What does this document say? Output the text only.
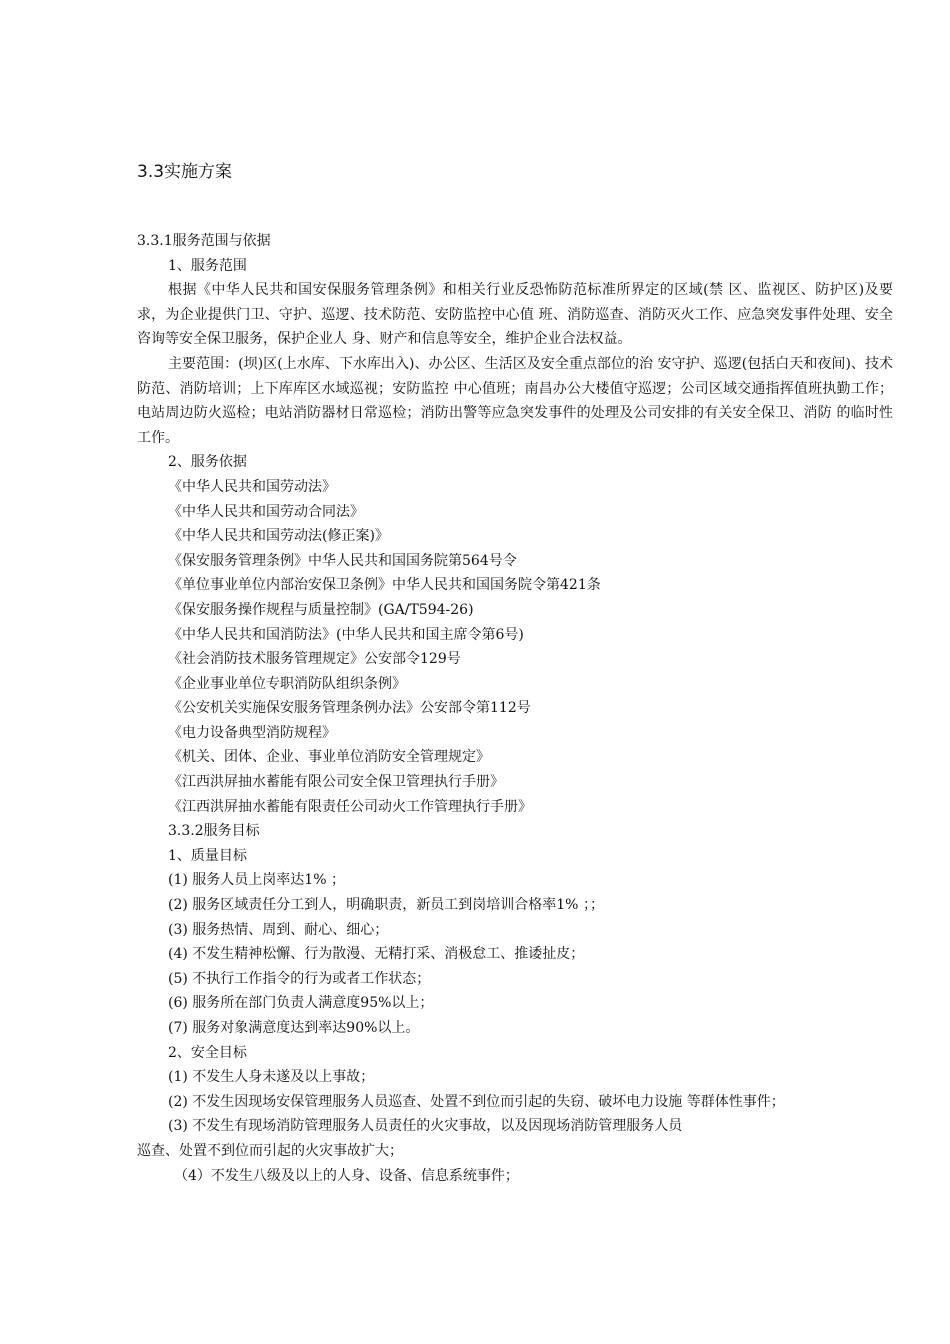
3.3实施方案
3.3.1服务范围与依据
1、服务范围
根据《中华人民共和国安保服务管理条例》和相关行业反恐怖防范标准所界定的区域(禁 区、监视区、防护区)及要求，为企业提供门卫、守护、巡逻、技术防范、安防监控中心值 班、消防巡查、消防灭火工作、应急突发事件处理、安全咨询等安全保卫服务，保护企业人 身、财产和信息等安全，维护企业合法权益。
主要范围：(坝)区(上水库、下水库出入)、办公区、生活区及安全重点部位的治 安守护、巡逻(包括白天和夜间)、技术防范、消防培训；上下库库区水域巡视；安防监控 中心值班；南昌办公大楼值守巡逻；公司区域交通指挥值班执勤工作；电站周边防火巡检；电站消防器材日常巡检；消防出警等应急突发事件的处理及公司安排的有关安全保卫、消防 的临时性工作。
2、服务依据
《中华人民共和国劳动法》
《中华人民共和国劳动合同法》
《中华人民共和国劳动法(修正案)》
《保安服务管理条例》中华人民共和国国务院第564号令
《单位事业单位内部治安保卫条例》中华人民共和国国务院令第421条
《保安服务操作规程与质量控制》(GA/T594-26)
《中华人民共和国消防法》(中华人民共和国主席令第6号)
《社会消防技术服务管理规定》公安部令129号
《企业事业单位专职消防队组织条例》
《公安机关实施保安服务管理条例办法》公安部令第112号
《电力设备典型消防规程》
《机关、团体、企业、事业单位消防安全管理规定》
《江西洪屏抽水蓄能有限公司安全保卫管理执行手册》
《江西洪屏抽水蓄能有限责任公司动火工作管理执行手册》
3.3.2服务目标
1、质量目标
(1) 服务人员上岗率达1% ；
(2) 服务区域责任分工到人，明确职责，新员工到岗培训合格率1% ；；
(3) 服务热情、周到、耐心、细心；
(4) 不发生精神松懈、行为散漫、无精打采、消极怠工、推诿扯皮；
(5) 不执行工作指令的行为或者工作状态；
(6) 服务所在部门负责人满意度95%以上；
(7) 服务对象满意度达到率达90%以上。
2、安全目标
(1) 不发生人身未遂及以上事故；
(2) 不发生因现场安保管理服务人员巡查、处置不到位而引起的失窃、破坏电力设施 等群体性事件；
(3) 不发生有现场消防管理服务人员责任的火灾事故，以及因现场消防管理服务人员
巡查、处置不到位而引起的火灾事故扩大；
（4）不发生八级及以上的人身、设备、信息系统事件；
